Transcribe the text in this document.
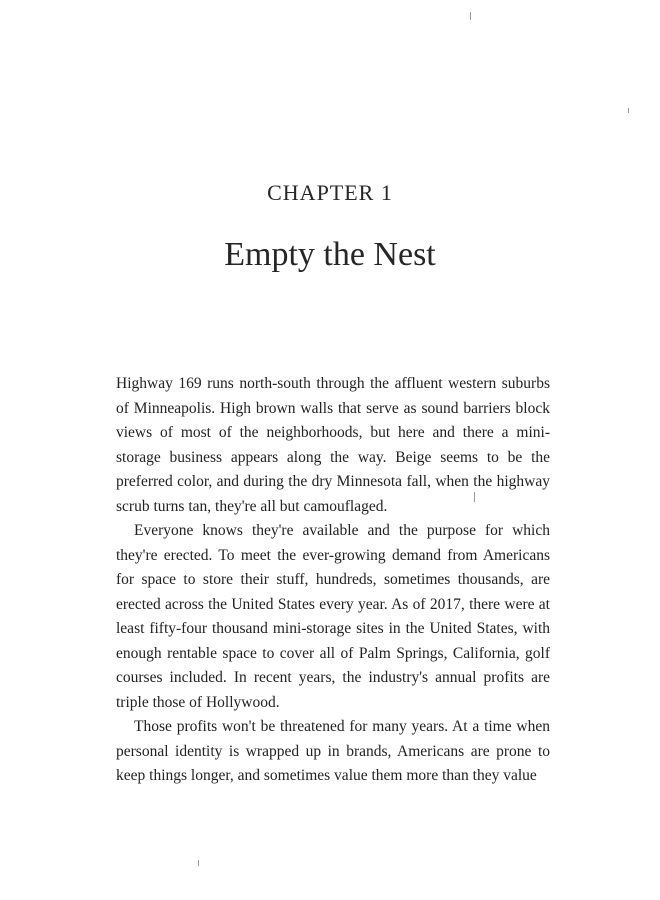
CHAPTER 1
Empty the Nest

Highway 169 runs north-south through the affluent western suburbs of Minneapolis. High brown walls that serve as sound barriers block views of most of the neighborhoods, but here and there a mini-storage business appears along the way. Beige seems to be the preferred color, and during the dry Minnesota fall, when the highway scrub turns tan, they're all but camouflaged.

Everyone knows they're available and the purpose for which they're erected. To meet the ever-growing demand from Americans for space to store their stuff, hundreds, sometimes thousands, are erected across the United States every year. As of 2017, there were at least fifty-four thousand mini-storage sites in the United States, with enough rentable space to cover all of Palm Springs, California, golf courses included. In recent years, the industry's annual profits are triple those of Hollywood.

Those profits won't be threatened for many years. At a time when personal identity is wrapped up in brands, Americans are prone to keep things longer, and sometimes value them more than they value
